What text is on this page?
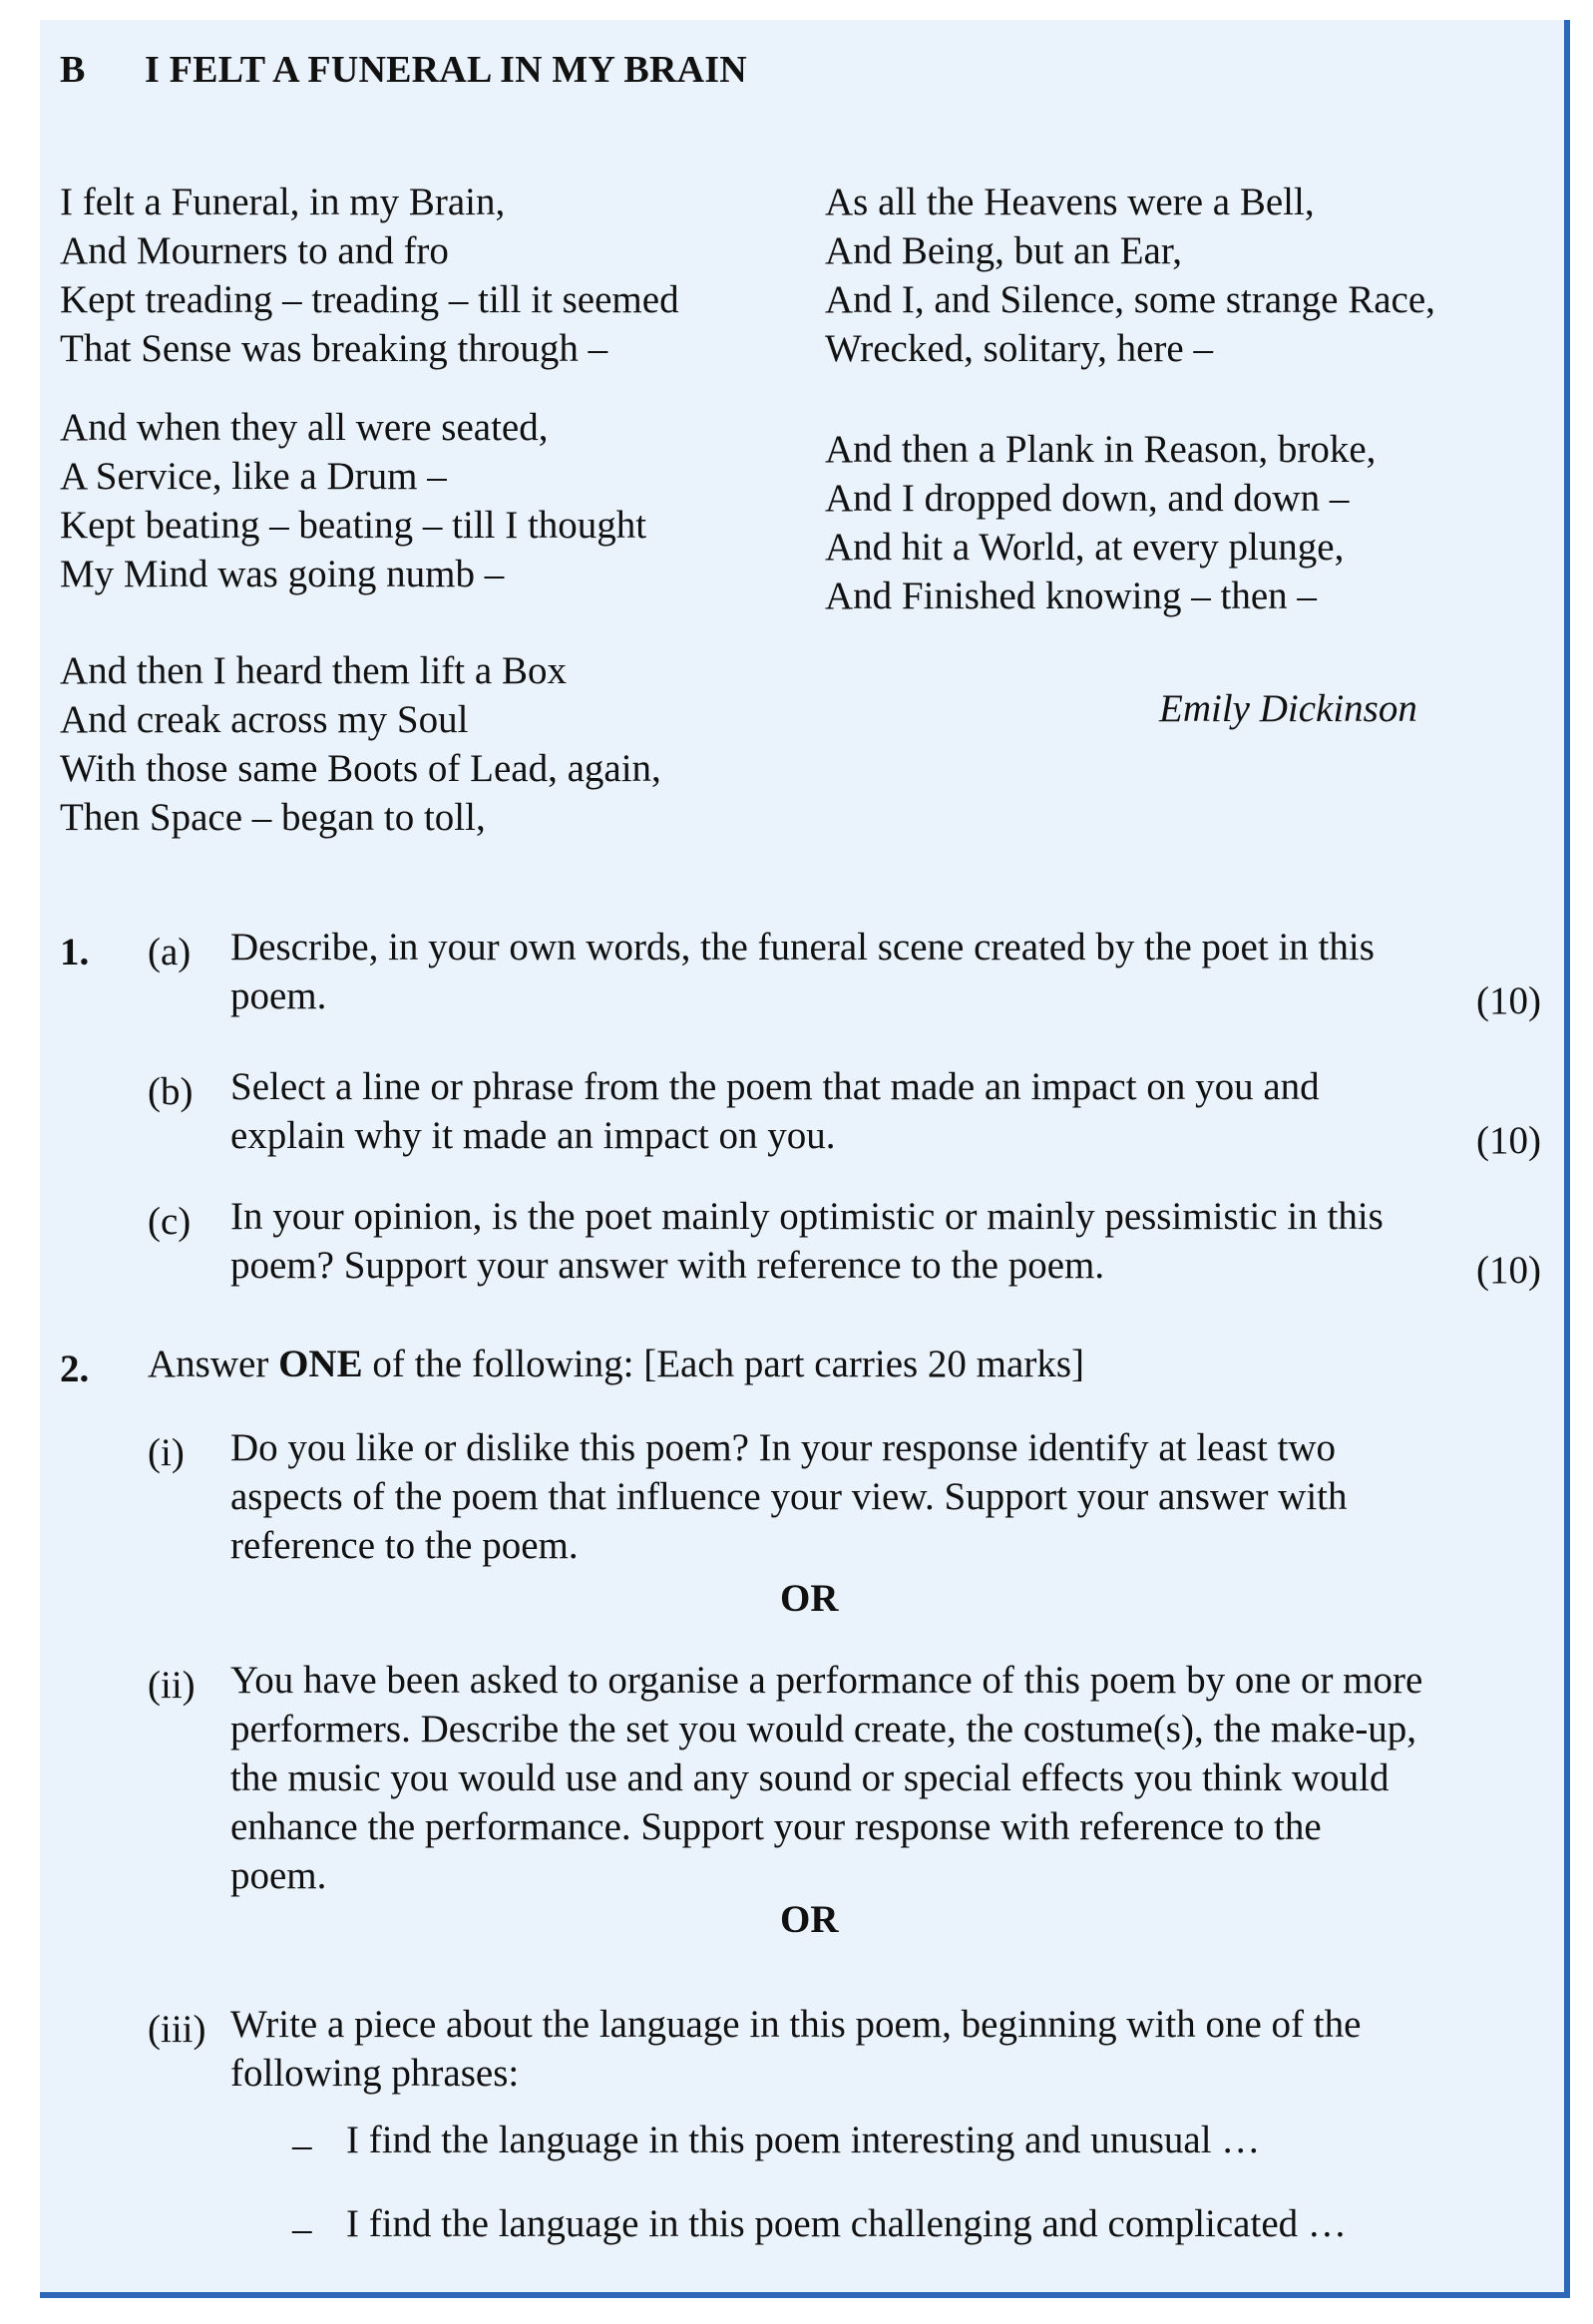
B I FELT A FUNERAL IN MY BRAIN
I felt a Funeral, in my Brain,
And Mourners to and fro
Kept treading – treading – till it seemed
That Sense was breaking through –
And when they all were seated,
A Service, like a Drum –
Kept beating – beating – till I thought
My Mind was going numb –
And then I heard them lift a Box
And creak across my Soul
With those same Boots of Lead, again,
Then Space – began to toll,
As all the Heavens were a Bell,
And Being, but an Ear,
And I, and Silence, some strange Race,
Wrecked, solitary, here –
And then a Plank in Reason, broke,
And I dropped down, and down –
And hit a World, at every plunge,
And Finished knowing – then –
Emily Dickinson
1. (a) Describe, in your own words, the funeral scene created by the poet in this
poem.	(10)
(b) Select a line or phrase from the poem that made an impact on you and
explain why it made an impact on you.	(10)
(c) In your opinion, is the poet mainly optimistic or mainly pessimistic in this
poem? Support your answer with reference to the poem.	(10)
2. Answer ONE of the following: [Each part carries 20 marks]
(i) Do you like or dislike this poem? In your response identify at least two
aspects of the poem that influence your view. Support your answer with
reference to the poem.
OR
(ii) You have been asked to organise a performance of this poem by one or more
performers. Describe the set you would create, the costume(s), the make-up,
the music you would use and any sound or special effects you think would
enhance the performance. Support your response with reference to the
poem.
OR
(iii) Write a piece about the language in this poem, beginning with one of the
following phrases:
– I find the language in this poem interesting and unusual …
– I find the language in this poem challenging and complicated …
